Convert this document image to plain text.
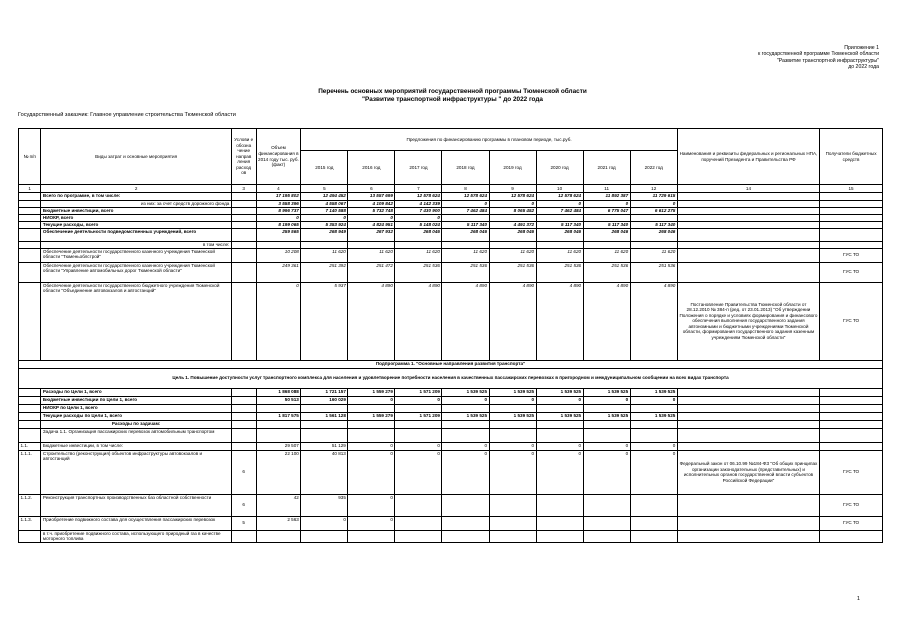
Приложение 1
к государственной программе Тюменской области
"Развитие транспортной инфраструктуры"
до 2022 года
Перечень основных мероприятий государственной программы Тюменской области
"Развитие транспортной инфраструктуры " до 2022 года
Государственный заказчик: Главное управление строительства Тюменской области
№ п/п	Виды затрат и основные мероприятия	Услови е обозна чение направ ления расход ов	Объем финансирования в 2014 году тыс. руб. (факт)	Предложения по финансированию программы в плановом периоде, тыс.руб.								Наименования и реквизиты федеральных и региональных НПА, поручений Президента и Правительства РФ	Получатели бюджетных средств
				2015 год	2016 год	2017 год	2018 год	2019 год	2020 год	2021 год	2022 год		
1	2	3	4	5	6	7	8	9	10	11	12	14	15
	Всего по программе, в том числе:		17 195 802	12 494 452	13 557 699	12 578 624	12 578 624	12 578 624	12 578 624	11 892 387	11 729 615		
	из них: за счет средств дорожного фонда		3 558 396	4 558 067	4 109 842	4 142 339	0	0	0	0	0		
	Бюджетные инвестиции, всего		8 996 737	7 140 588	5 732 748	7 430 900	7 462 484	8 065 452	7 462 484	6 775 047	6 612 275		
	НИОКР, всего		0	0	0	0							
	Текущие расходы, всего		8 199 065	5 353 924	4 824 951	5 148 024	5 117 340	4 491 372	5 117 340	5 117 340	5 117 340		
	Обеспечение деятельности подведомственных учреждений, всего		259 565	268 949	267 932	268 046	268 046	268 046	268 046	268 046	268 046		
	в том числе:												
	Обеспечение деятельности государственного казенного учреждения Тюменской области "Тюменьоблстрой"		10 208	11 620	11 620	11 620	11 620	11 620	11 620	11 620	11 620		ГУС ТО
	Обеспечение деятельности государственного казенного учреждения Тюменской области "Управление автомобильных дорог Тюменской области"		249 361	251 392	251 472	251 536	251 536	251 536	251 536	251 536	251 536		ГУС ТО
	Обеспечение деятельности государственного бюджетного учреждения Тюменской области "Объединение автовокзалов и автостанций"		0	5 937	4 890	4 890	4 890	4 890	4 890	4 890	4 890	Постановление Правительства Тюменской области от 28.12.2010 № 384-п (ред. от 23.01.2013) "Об утверждении Положения о порядке и условиях формирования и финансового обеспечения выполнения государственного задания автономными и бюджетными учреждениями Тюменской области, формирования государственного задания казенным учреждениям Тюменской области"	ГУС ТО
Подпрограмма 1. "Основные направления развития транспорта"													
Цель 1. Повышение доступности услуг транспортного комплекса для населения и удовлетворение потребности населения в качественных пассажирских перевозках в пригородном и междуниципальном сообщении на всех видах транспорта													
	Расходы по Цели 1, всего		1 868 088	1 721 157	1 559 279	1 571 209	1 539 525	1 539 525	1 539 525	1 539 525	1 539 525		
	Бюджетные инвестиции по Цели 1, всего		50 513	160 029	0	0	0	0	0	0	0		
	НИОКР по Цели 1, всего												
	Текущие расходы по Цели 1, всего		1 817 575	1 561 128	1 559 279	1 571 209	1 539 525	1 539 525	1 539 525	1 539 525	1 539 525		
	Расходы по задачам:												
	Задача 1.1. Организация пассажирских перевозок автомобильным транспортом												
1.1.	Бюджетные инвестиции, в том числе:		29 507	51 129	0	0	0	0	0	0	0		
1.1.1.	Строительство (реконструкция) объектов инфраструктуры автовокзалов и автостанций	6	22 100	40 813	0	0	0	0	0	0	0	Федеральный закон от 06.10.99 №184-ФЗ "Об общих принципах организации законодательных (представительных) и исполнительных органов государственной власти субъектов Российской Федерации"	ГУС ТО
1.1.2.	Реконструкция транспортных производственных баз областной собственности	6	42	935	0								ГУС ТО
1.1.3.	Приобретение подвижного состава для осуществления пассажирских перевозок	5	2 563	0	0								ГУС ТО
	в т.ч. приобретение подвижного состава, использующего природный газ в качестве моторного топлива												
1
